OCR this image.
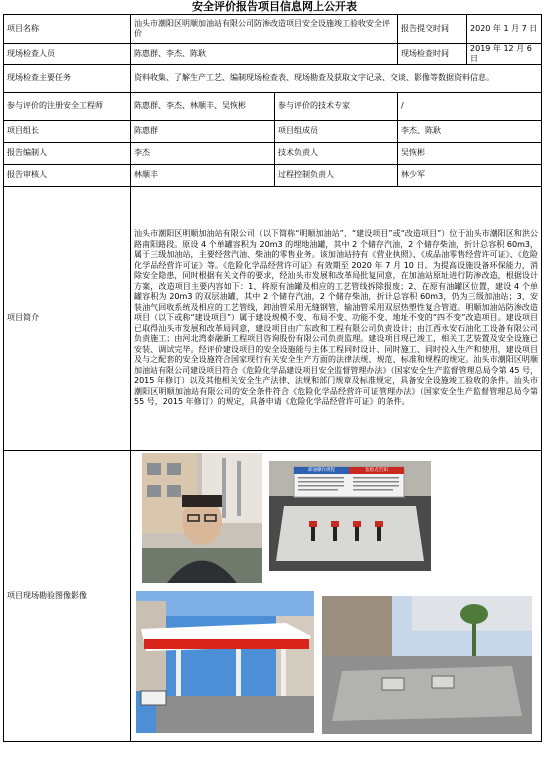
安全评价报告项目信息网上公开表
项目名称	汕头市潮阳区明顺加油站有限公司防渗改造项目安全设施竣工验收安全评价		报告提交时间 2020 年 1 月 7 日

现场检查人员	陈惠群、李杰、陈耿		现场检查时间
2019 年 12 月 6 日

现场检查主要任务	资料收集、了解生产工艺、编制现场检查表、现场勘查及获取文字记录、交谈、影像等数据资料信息。		
参与评价的注册安全工程师	陈惠群、李杰、林顺丰、吴恢彬	参与评价的技术专家	/
项目组长	陈惠群	项目组成员	李杰、陈耿
报告编制人	李杰	技术负责人	吴恢彬
报告审核人	林顺丰	过程控制负责人	林少军
项目简介	汕头市潮阳区明顺加油站有限公司（以下简称“明顺加油站”、“建设项目”或“改造项目”）位于汕头市潮阳区和洪公路南阳路段。原设 4 个单罐容积为 20m3 的埋地油罐，其中 2 个储存汽油，2 个储存柴油，折计总容积 60m3，属于三级加油站，主要经营汽油、柴油的零售业务。该加油站持有《营业执照》、《成品油零售经营许可证》、《危险化学品经营许可证》等。《危险化学品经营许可证》有效期至 2020 年 7 月 10 日。为提高设施设备环保能力，消除安全隐患，同时根据有关文件的要求，经汕头市发展和改革局批复同意，在加油站原址进行防渗改造，根据设计方案，改造项目主要内容如下：1、将原有油罐及相应的工艺管线拆除报废；2、在原有油罐区位置，建设 4 个单罐容积为 20m3 的双层油罐，其中 2 个储存汽油，2 个储存柴油，折计总容积 60m3，仍为三级加油站；3、安装油气回收系统及相应的工艺管线，卸油管采用无缝钢管，输油管采用双层热塑性复合管道。明顺加油站防渗改造项目（以下或称“建设项目”）属于建设规模不变、布局不变、功能不变、地址不变的“四不变”改造项目。建设项目已取得汕头市发展和改革局同意，建设项目由广东政和工程有限公司负责设计；由江西永安石油化工设备有限公司负责施工；由河北湾泰融新工程项目咨询股份有限公司负责监理。建设项目现已竣工，相关工艺装置及安全设施已安装、调试完毕。经评价建设项目的安全设施能与主体工程同时设计、同时施工、同时投入生产和使用，建设项目及与之配套的安全设施符合国家现行有关安全生产方面的法律法规、规范、标准和规程的规定。汕头市潮阳区明顺加油站有限公司建设项目符合《危险化学品建设项目安全监督管理办法》（国家安全生产监督管理总局令第 45 号，2015 年修订）以及其他相关安全生产法律、法规和部门规章及标准规定，具备安全设施竣工验收的条件。汕头市潮阳区明顺加油站有限公司的安全条件符合《危险化学品经营许可证管理办法》（国家安全生产监督管理总局令第 55 号，2015 年修订）的规定，具备申请《危险化学品经营许可证》的条件。		
项目现场勘验图像影像	卸油操作规程 危险点告知		
